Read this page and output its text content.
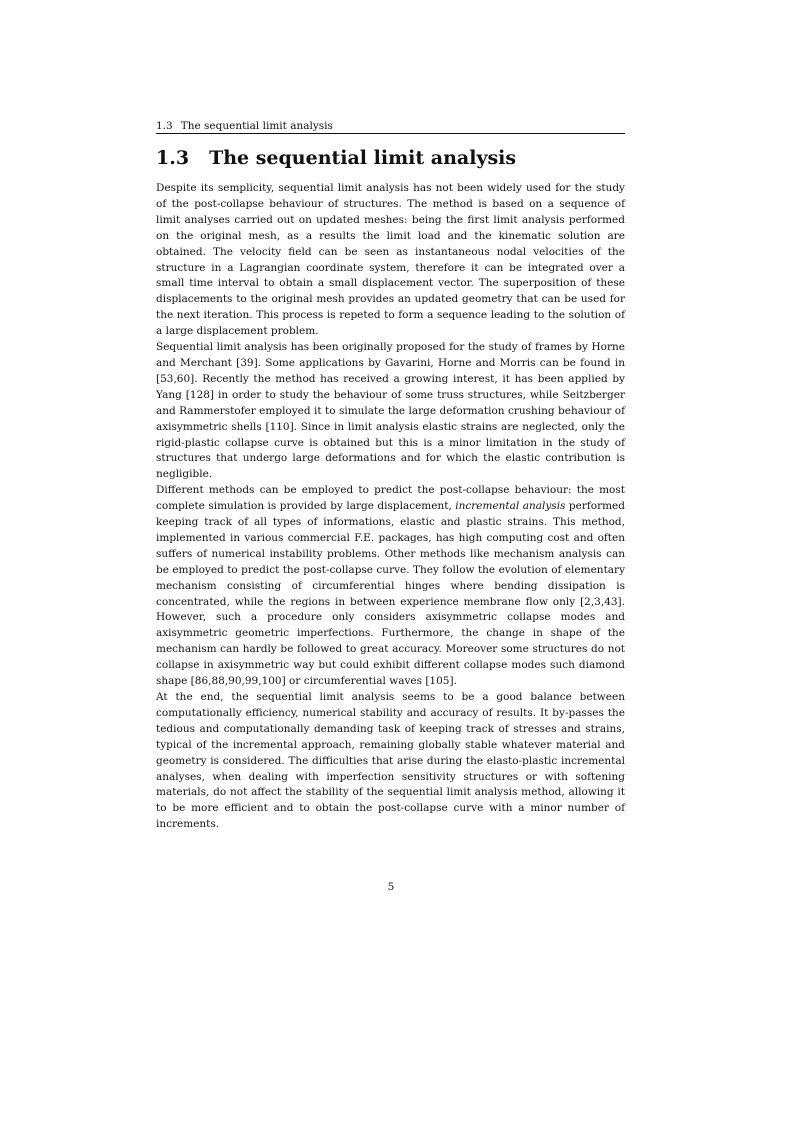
1.3 The sequential limit analysis
1.3 The sequential limit analysis

Despite its semplicity, sequential limit analysis has not been widely used for the study of the post-collapse behaviour of structures. The method is based on a sequence of limit analyses carried out on updated meshes: being the first limit analysis performed on the original mesh, as a results the limit load and the kinematic solution are obtained. The velocity field can be seen as instantaneous nodal velocities of the structure in a Lagrangian coordinate system, therefore it can be integrated over a small time interval to obtain a small displacement vector. The superposition of these displacements to the original mesh provides an updated geometry that can be used for the next iteration. This process is repeted to form a sequence leading to the solution of a large displacement problem.

Sequential limit analysis has been originally proposed for the study of frames by Horne and Merchant [39]. Some applications by Gavarini, Horne and Morris can be found in [53,60]. Recently the method has received a growing interest, it has been applied by Yang [128] in order to study the behaviour of some truss structures, while Seitzberger and Rammerstofer employed it to simulate the large deformation crushing behaviour of axisymmetric shells [110]. Since in limit analysis elastic strains are neglected, only the rigid-plastic collapse curve is obtained but this is a minor limitation in the study of structures that undergo large deformations and for which the elastic contribution is negligible.

Different methods can be employed to predict the post-collapse behaviour: the most complete simulation is provided by large displacement, incremental analysis performed keeping track of all types of informations, elastic and plastic strains. This method, implemented in various commercial F.E. packages, has high computing cost and often suffers of numerical instability problems. Other methods like mechanism analysis can be employed to predict the post-collapse curve. They follow the evolution of elementary mechanism consisting of circumferential hinges where bending dissipation is concentrated, while the regions in between experience membrane flow only [2,3,43]. However, such a procedure only considers axisymmetric collapse modes and axisymmetric geometric imperfections. Furthermore, the change in shape of the mechanism can hardly be followed to great accuracy. Moreover some structures do not collapse in axisymmetric way but could exhibit different collapse modes such diamond shape [86,88,90,99,100] or circumferential waves [105].

At the end, the sequential limit analysis seems to be a good balance between computationally efficiency, numerical stability and accuracy of results. It by-passes the tedious and computationally demanding task of keeping track of stresses and strains, typical of the incremental approach, remaining globally stable whatever material and geometry is considered. The difficulties that arise during the elasto-plastic incremental analyses, when dealing with imperfection sensitivity structures or with softening materials, do not affect the stability of the sequential limit analysis method, allowing it to be more efficient and to obtain the post-collapse curve with a minor number of increments.

5
